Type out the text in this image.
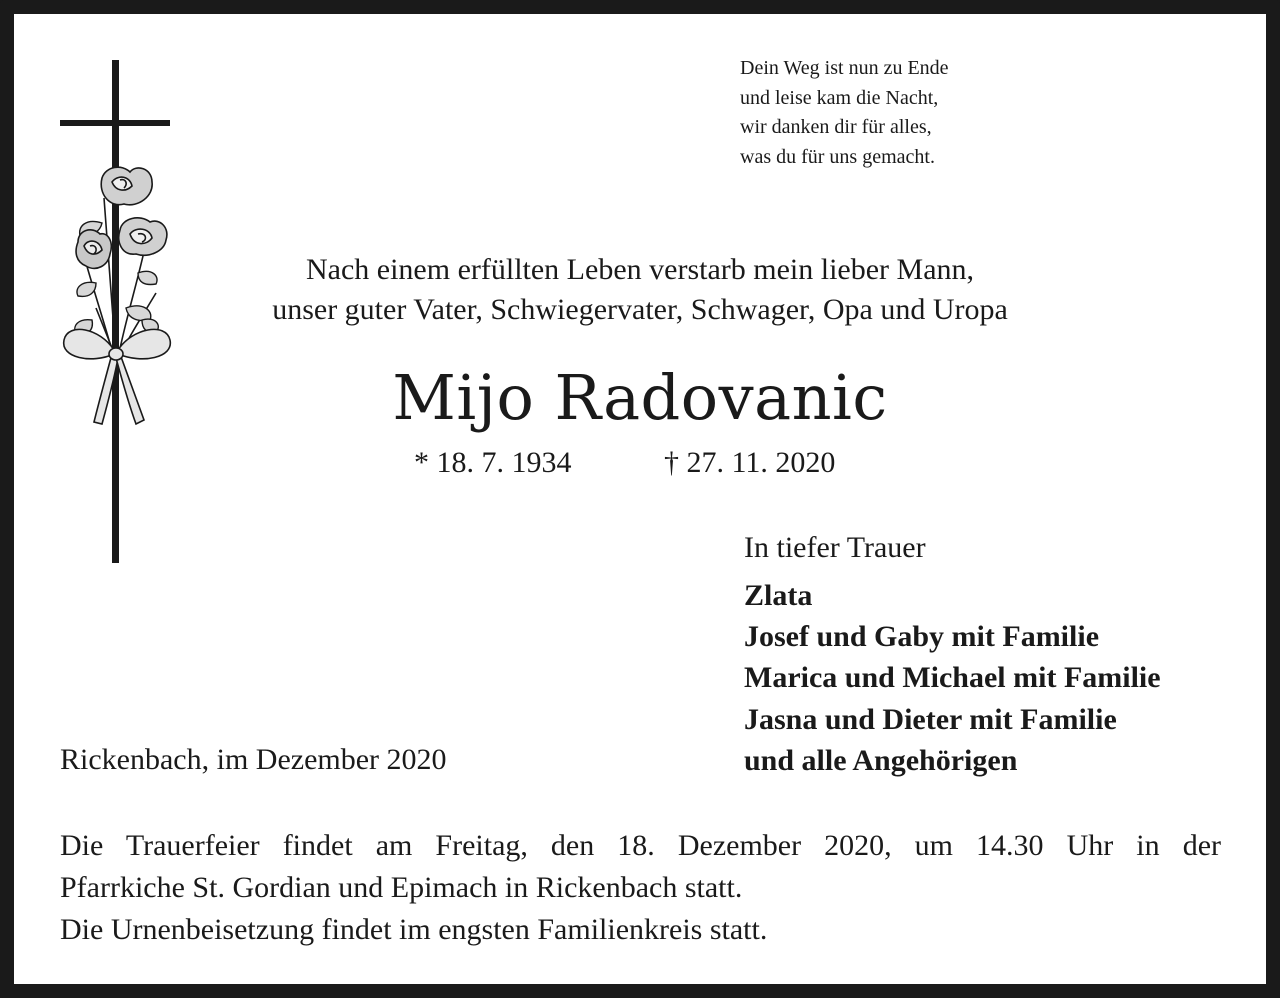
Dein Weg ist nun zu Ende
und leise kam die Nacht,
wir danken dir für alles,
was du für uns gemacht.
Nach einem erfüllten Leben verstarb mein lieber Mann,
unser guter Vater, Schwiegervater, Schwager, Opa und Uropa
Mijo Radovanic
* 18. 7. 1934	† 27. 11. 2020
In tiefer Trauer
Zlata
Josef und Gaby mit Familie
Marica und Michael mit Familie
Jasna und Dieter mit Familie
und alle Angehörigen
Rickenbach, im Dezember 2020
Die Trauerfeier findet am Freitag, den 18. Dezember 2020, um 14.30 Uhr in der
Pfarrkiche St. Gordian und Epimach in Rickenbach statt.
Die Urnenbeisetzung findet im engsten Familienkreis statt.
